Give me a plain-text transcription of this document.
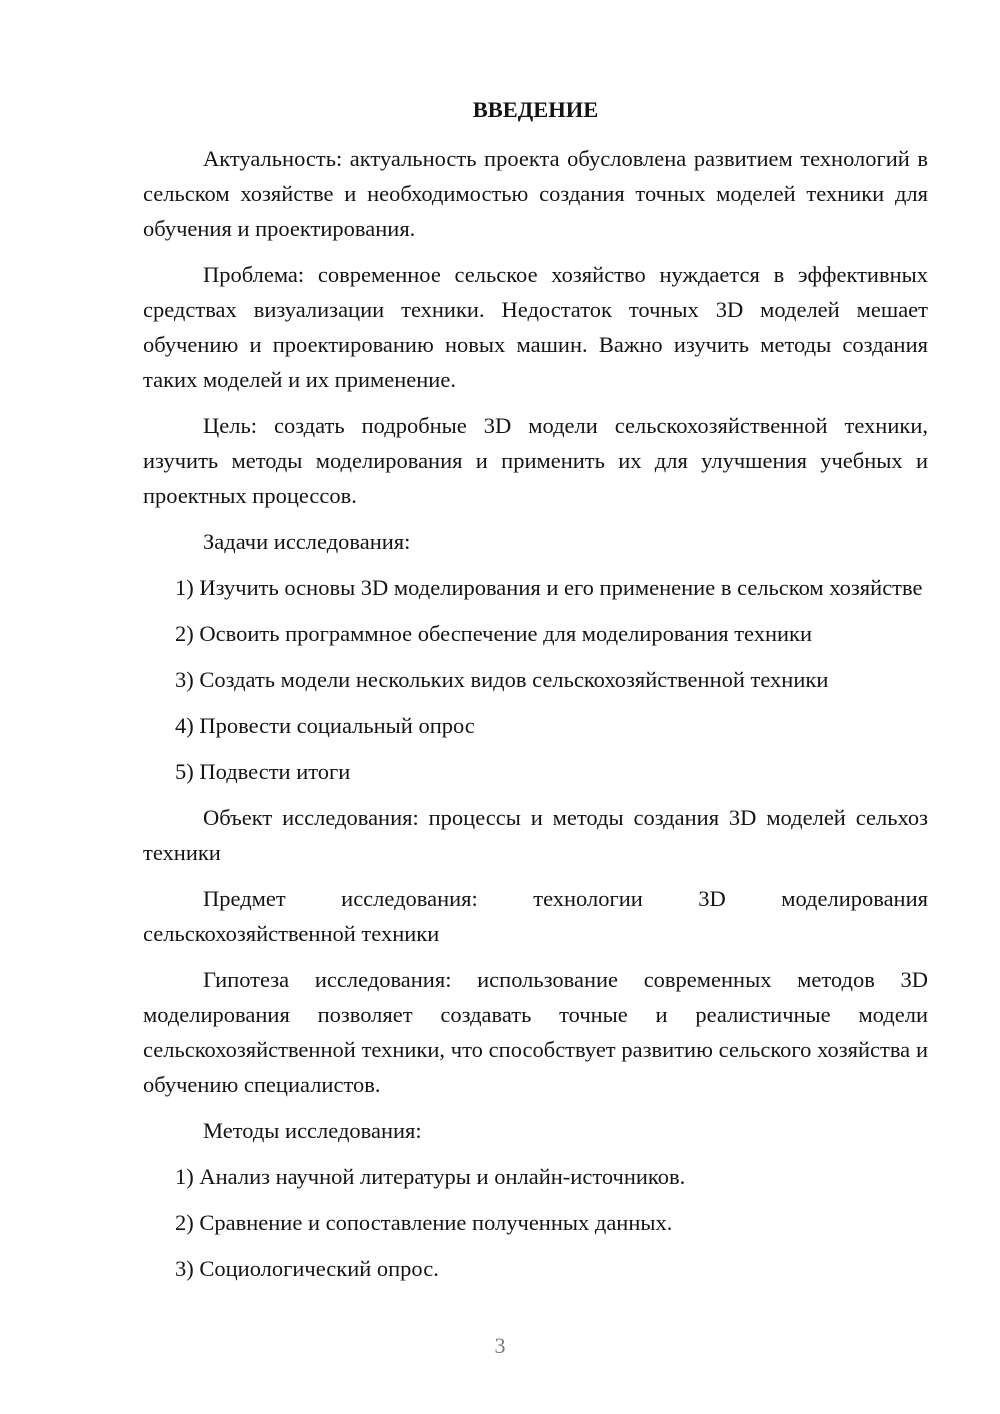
ВВЕДЕНИЕ

Актуальность: актуальность проекта обусловлена развитием технологий в сельском хозяйстве и необходимостью создания точных моделей техники для обучения и проектирования.

Проблема: современное сельское хозяйство нуждается в эффективных средствах визуализации техники. Недостаток точных 3D моделей мешает обучению и проектированию новых машин. Важно изучить методы создания таких моделей и их применение.

Цель: создать подробные 3D модели сельскохозяйственной техники, изучить методы моделирования и применить их для улучшения учебных и проектных процессов.

Задачи исследования:

1) Изучить основы 3D моделирования и его применение в сельском хозяйстве

2) Освоить программное обеспечение для моделирования техники

3) Создать модели нескольких видов сельскохозяйственной техники

4) Провести социальный опрос

5) Подвести итоги

Объект исследования: процессы и методы создания 3D моделей сельхоз техники

Предмет исследования: технологии 3D моделирования сельскохозяйственной техники

Гипотеза исследования: использование современных методов 3D моделирования позволяет создавать точные и реалистичные модели сельскохозяйственной техники, что способствует развитию сельского хозяйства и обучению специалистов.

Методы исследования:

1) Анализ научной литературы и онлайн-источников.

2) Сравнение и сопоставление полученных данных.

3) Социологический опрос.

3
